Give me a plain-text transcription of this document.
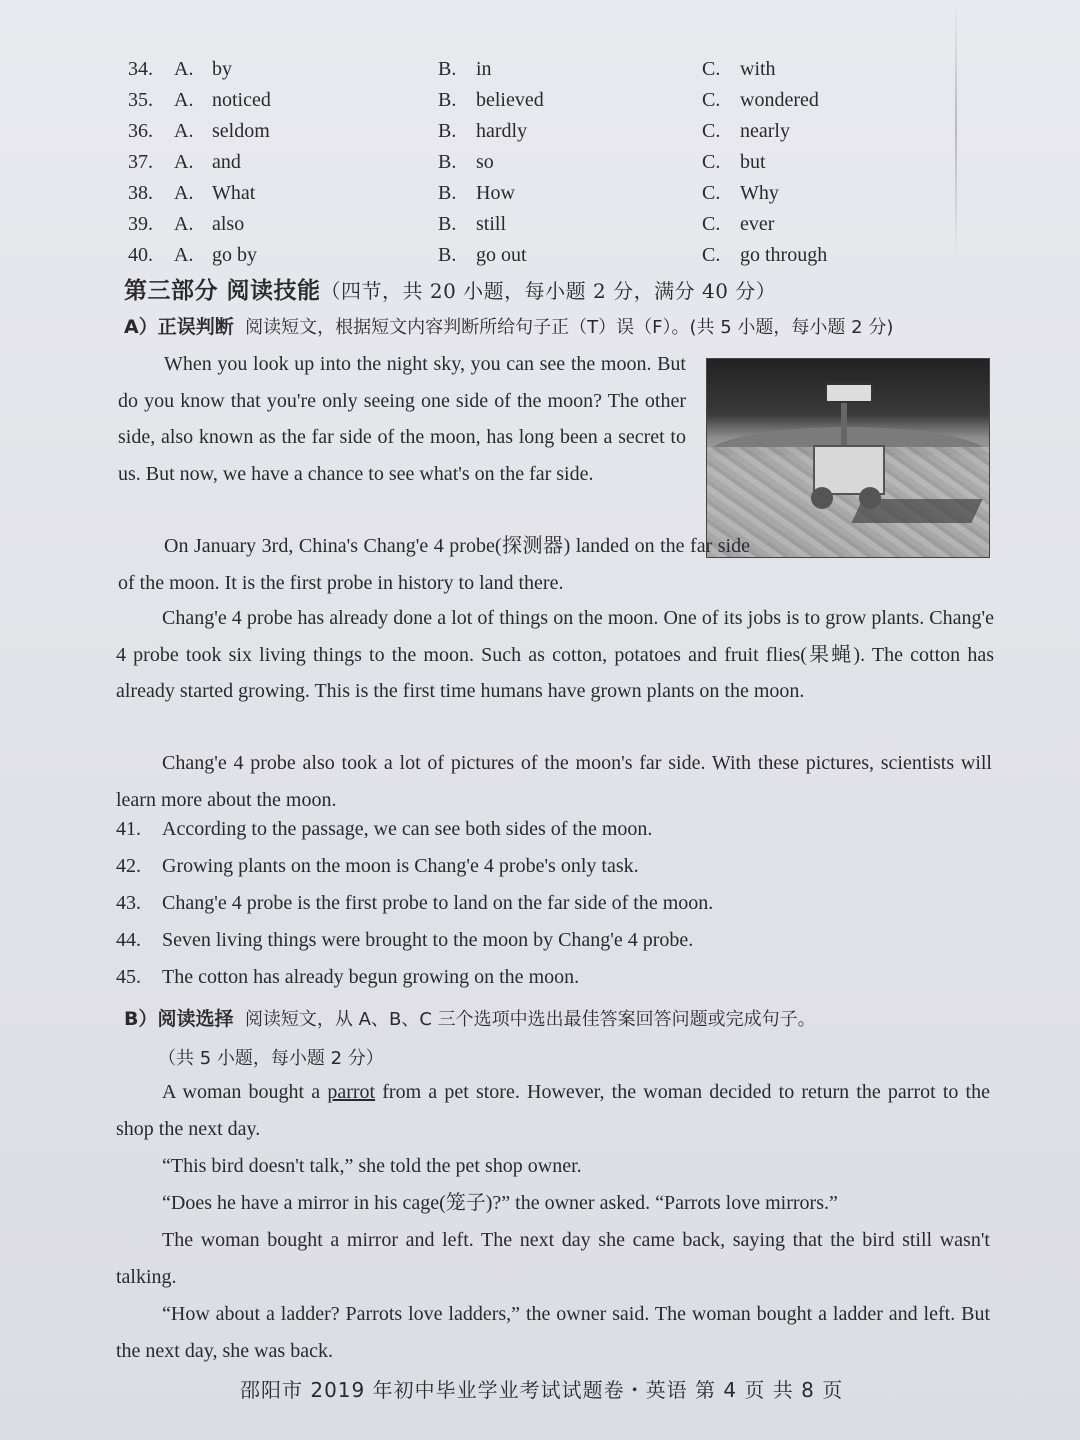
34. A. by	B. in	C. with
35. A. noticed	B. believed	C. wondered
36. A. seldom	B. hardly	C. nearly
37. A. and	B. so	C. but
38. A. What	B. How	C. Why
39. A. also	B. still	C. ever
40. A. go by	B. go out	C. go through
第三部分 阅读技能（四节，共 20 小题，每小题 2 分，满分 40 分）
A）正误判断 阅读短文，根据短文内容判断所给句子正（T）误（F）。(共 5 小题，每小题 2 分)

When you look up into the night sky, you can see the moon. But do you know that you're only seeing one side of the moon? The other side, also known as the far side of the moon, has long been a secret to us. But now, we have a chance to see what's on the far side.

On January 3rd, China's Chang'e 4 probe(探测器) landed on the far side of the moon. It is the first probe in history to land there.

Chang'e 4 probe has already done a lot of things on the moon. One of its jobs is to grow plants. Chang'e 4 probe took six living things to the moon. Such as cotton, potatoes and fruit flies(果蝇). The cotton has already started growing. This is the first time humans have grown plants on the moon.

Chang'e 4 probe also took a lot of pictures of the moon's far side. With these pictures, scientists will learn more about the moon.

41. According to the passage, we can see both sides of the moon.
42. Growing plants on the moon is Chang'e 4 probe's only task.
43. Chang'e 4 probe is the first probe to land on the far side of the moon.
44. Seven living things were brought to the moon by Chang'e 4 probe.
45. The cotton has already begun growing on the moon.
B）阅读选择 阅读短文，从 A、B、C 三个选项中选出最佳答案回答问题或完成句子。
（共 5 小题，每小题 2 分）

A woman bought a parrot from a pet store. However, the woman decided to return the parrot to the shop the next day.

“This bird doesn't talk,” she told the pet shop owner.

“Does he have a mirror in his cage(笼子)?” the owner asked. “Parrots love mirrors.”

The woman bought a mirror and left. The next day she came back, saying that the bird still wasn't talking.

“How about a ladder? Parrots love ladders,” the owner said. The woman bought a ladder and left. But the next day, she was back.

邵阳市 2019 年初中毕业学业考试试题卷・英语 第 4 页 共 8 页
